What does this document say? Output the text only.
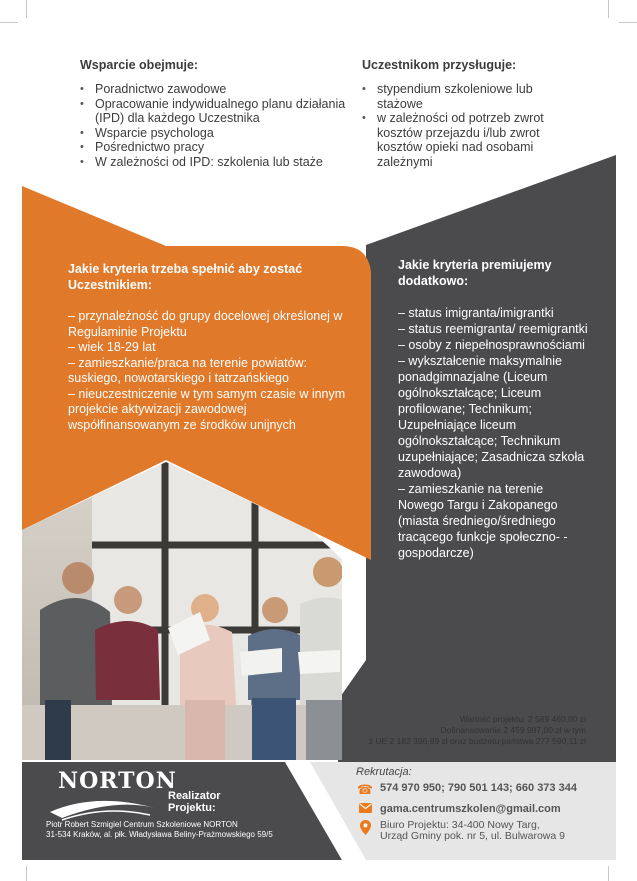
Wsparcie obejmuje:
• Poradnictwo zawodowe
• Opracowanie indywidualnego planu działania (IPD) dla każdego Uczestnika
• Wsparcie psychologa
• Pośrednictwo pracy
• W zależności od IPD: szkolenia lub staże
Uczestnikom przysługuje:
• stypendium szkoleniowe lub stażowe
• w zależności od potrzeb zwrot kosztów przejazdu i/lub zwrot kosztów opieki nad osobami zależnymi
Jakie kryteria trzeba spełnić aby zostać Uczestnikiem:
– przynależność do grupy docelowej określonej w Regulaminie Projektu
– wiek 18-29 lat
– zamieszkanie/praca na terenie powiatów: suskiego, nowotarskiego i tatrzańskiego
– nieuczestniczenie w tym samym czasie w innym projekcie aktywizacji zawodowej współfinansowanym ze środków unijnych
Jakie kryteria premiujemy dodatkowo:
– status imigranta/imigrantki
– status reemigranta/ reemigrantki
– osoby z niepełnosprawnościami
– wykształcenie maksymalnie ponadgimnazjalne (Liceum ogólnokształcące; Liceum profilowane; Technikum; Uzupełniające liceum ogólnokształcące; Technikum uzupełniające; Zasadnicza szkoła zawodowa)
– zamieszkanie na terenie Nowego Targu i Zakopanego (miasta średniego/średniego tracącego funkcje społeczno- -gospodarcze)
Wartość projektu: 2 589 460,00 zł
Dofinansowanie 2 459 987,00 zł w tym
z UE 2 182 396,89 zł oraz budżetu państwa 277 590,11 zł
NORTON
Realizator Projektu:
Piotr Robert Szmigiel Centrum Szkoleniowe NORTON
31-534 Kraków, al. płk. Władysława Beliny-Prażmowskiego 59/5
Rekrutacja:
☎ 574 970 950; 790 501 143; 660 373 344
gama.centrumszkolen@gmail.com
Biuro Projektu: 34-400 Nowy Targ,
Urząd Gminy pok. nr 5, ul. Bulwarowa 9
